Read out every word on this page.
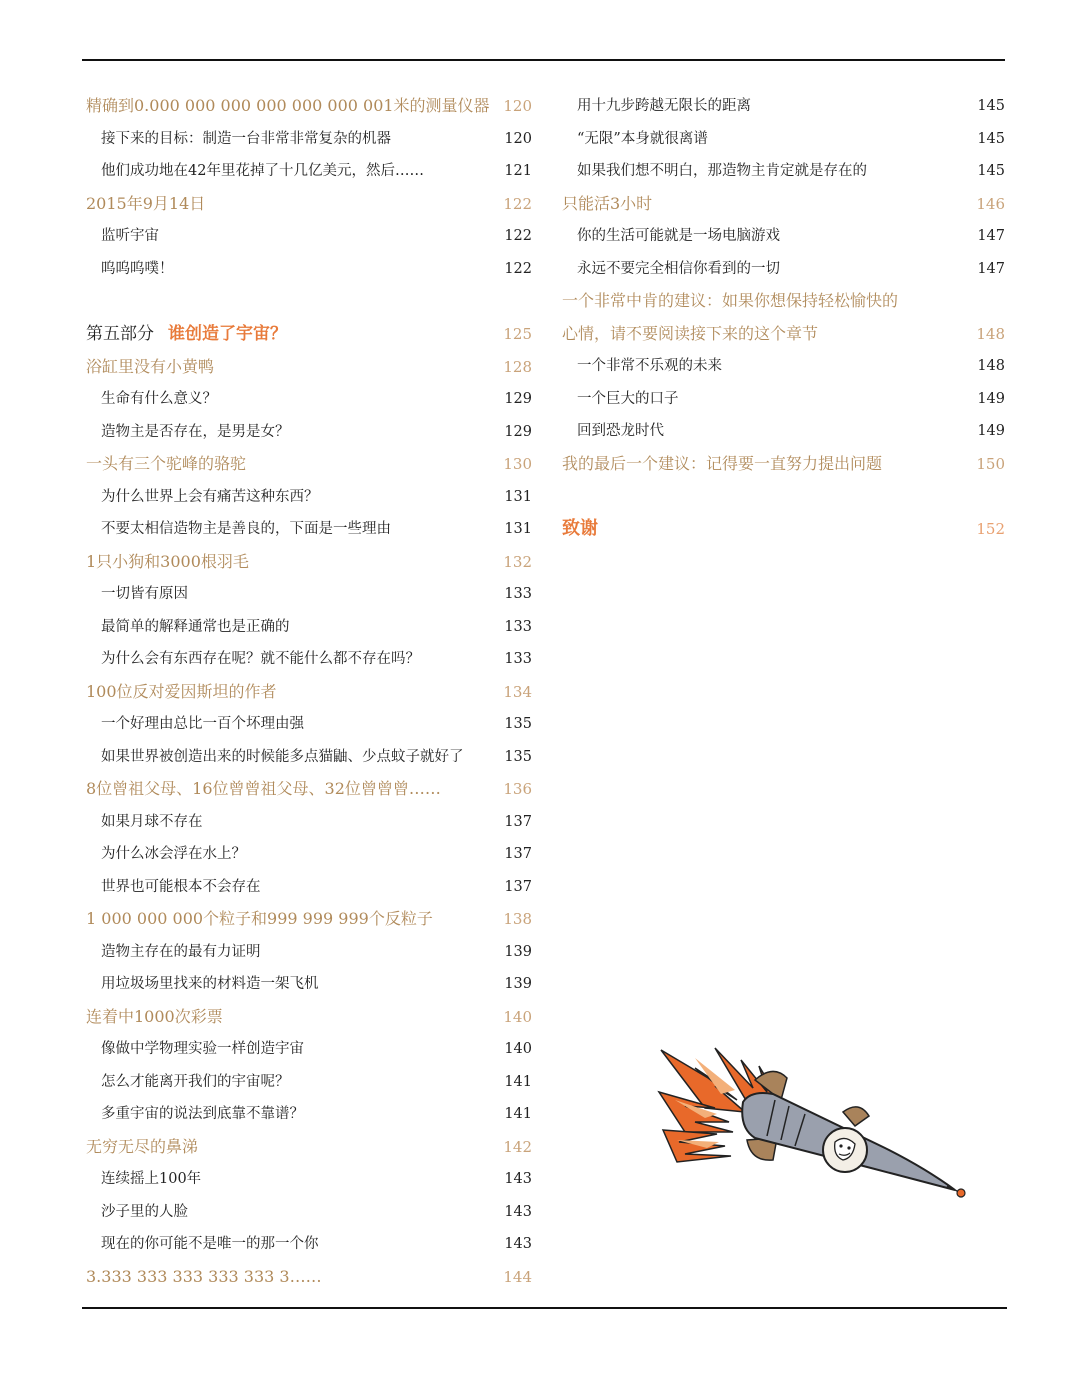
精确到0.000 000 000 000 000 000 001米的测量仪器 120
接下来的目标：制造一台非常非常复杂的机器	120
他们成功地在42年里花掉了十几亿美元，然后……	121
2015年9月14日	122
监听宇宙	122
呜呜呜噗！	122
第五部分 谁创造了宇宙？	125
浴缸里没有小黄鸭	128
生命有什么意义？	129
造物主是否存在，是男是女？	129
一头有三个驼峰的骆驼	130
为什么世界上会有痛苦这种东西？	131
不要太相信造物主是善良的，下面是一些理由	131
1只小狗和3000根羽毛	132
一切皆有原因	133
最简单的解释通常也是正确的	133
为什么会有东西存在呢？就不能什么都不存在吗？	133
100位反对爱因斯坦的作者	134
一个好理由总比一百个坏理由强	135
如果世界被创造出来的时候能多点猫鼬、少点蚊子就好了	135
8位曾祖父母、16位曾曾祖父母、32位曾曾曾……	136
如果月球不存在	137
为什么冰会浮在水上？	137
世界也可能根本不会存在	137
1 000 000 000个粒子和999 999 999个反粒子	138
造物主存在的最有力证明	139
用垃圾场里找来的材料造一架飞机	139
连着中1000次彩票	140
像做中学物理实验一样创造宇宙	140
怎么才能离开我们的宇宙呢？	141
多重宇宙的说法到底靠不靠谱？	141
无穷无尽的鼻涕	142
连续摇上100年	143
沙子里的人脸	143
现在的你可能不是唯一的那一个你	143
3.333 333 333 333 333 3……	144
用十九步跨越无限长的距离	145
“无限”本身就很离谱	145
如果我们想不明白，那造物主肯定就是存在的	145
只能活3小时	146
你的生活可能就是一场电脑游戏	147
永远不要完全相信你看到的一切	147
一个非常中肯的建议：如果你想保持轻松愉快的
心情，请不要阅读接下来的这个章节	148
一个非常不乐观的未来	148
一个巨大的口子	149
回到恐龙时代	149
我的最后一个建议：记得要一直努力提出问题	150
致谢	152
